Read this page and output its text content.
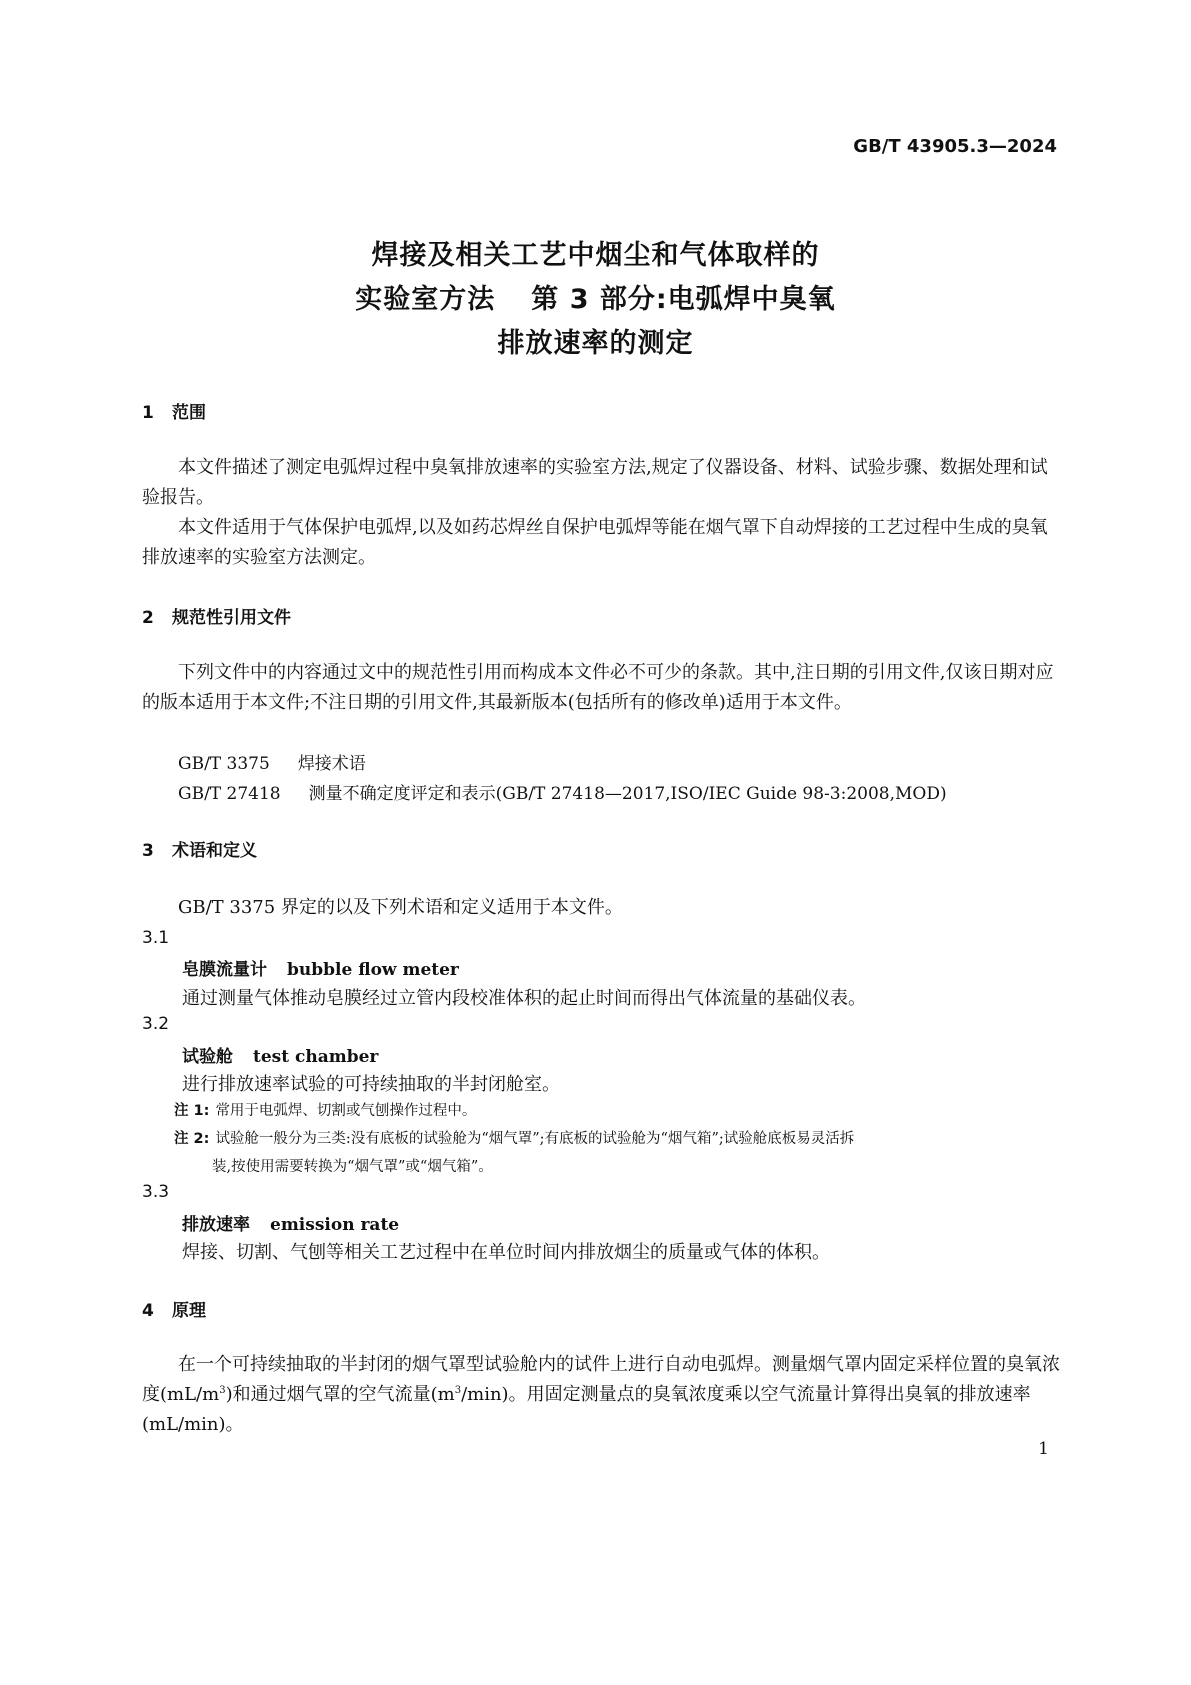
GB/T 43905.3—2024
焊接及相关工艺中烟尘和气体取样的
实验室方法 第 3 部分:电弧焊中臭氧
排放速率的测定
1 范围

本文件描述了测定电弧焊过程中臭氧排放速率的实验室方法,规定了仪器设备、材料、试验步骤、数据处理和试验报告。

本文件适用于气体保护电弧焊,以及如药芯焊丝自保护电弧焊等能在烟气罩下自动焊接的工艺过程中生成的臭氧排放速率的实验室方法测定。

2 规范性引用文件

下列文件中的内容通过文中的规范性引用而构成本文件必不可少的条款。其中,注日期的引用文件,仅该日期对应的版本适用于本文件;不注日期的引用文件,其最新版本(包括所有的修改单)适用于本文件。

GB/T 3375 焊接术语
GB/T 27418 测量不确定度评定和表示(GB/T 27418—2017,ISO/IEC Guide 98-3:2008,MOD)
3 术语和定义

GB/T 3375 界定的以及下列术语和定义适用于本文件。

3.1
皂膜流量计 bubble flow meter
通过测量气体推动皂膜经过立管内段校准体积的起止时间而得出气体流量的基础仪表。
3.2
试验舱 test chamber
进行排放速率试验的可持续抽取的半封闭舱室。
注 1: 常用于电弧焊、切割或气刨操作过程中。
注 2: 试验舱一般分为三类:没有底板的试验舱为“烟气罩”;有底板的试验舱为“烟气箱”;试验舱底板易灵活拆
装,按使用需要转换为“烟气罩”或“烟气箱”。
3.3
排放速率 emission rate
焊接、切割、气刨等相关工艺过程中在单位时间内排放烟尘的质量或气体的体积。
4 原理

在一个可持续抽取的半封闭的烟气罩型试验舱内的试件上进行自动电弧焊。测量烟气罩内固定采样位置的臭氧浓度$(mL/m^3)$和通过烟气罩的空气流量$(m^3/\min)$。用固定测量点的臭氧浓度乘以空气流量计算得出臭氧的排放速率(mL/min)。

1
